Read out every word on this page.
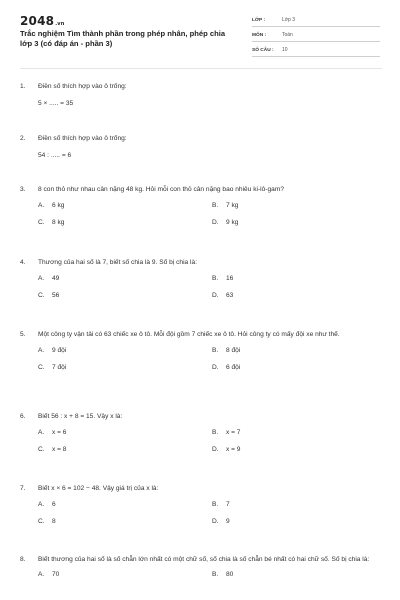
2048.vn
Trắc nghiệm Tìm thành phần trong phép nhân, phép chia lớp 3 (có đáp án - phần 3)
LỚP :	Lớp 3
MÔN :	Toán
SỐ CÂU :	10
1.	Điền số thích hợp vào ô trống:
5 × ..... = 35
2.	Điền số thích hợp vào ô trống:
54 : ..... = 6
3.	8 con thỏ như nhau cân nặng 48 kg. Hỏi mỗi con thỏ cân nặng bao nhiêu ki-lô-gam?
A.	6 kg	B.	7 kg
C.	8 kg	D.	9 kg
4.	Thương của hai số là 7, biết số chia là 9. Số bị chia là:
A.	49	B.	16
C.	56	D.	63
5.	Một công ty vận tải có 63 chiếc xe ô tô. Mỗi đội gồm 7 chiếc xe ô tô. Hỏi công ty có mấy đội xe như thế.
A.	9 đội	B.	8 đội
C.	7 đội	D.	6 đội
6.	Biết 56 : x + 8 = 15. Vậy x là:
A.	x = 6	B.	x = 7
C.	x = 8	D.	x = 9
7.	Biết x × 6 = 102 − 48. Vậy giá trị của x là:
A.	6	B.	7
C.	8	D.	9
8.	Biết thương của hai số là số chẵn lớn nhất có một chữ số, số chia là số chẵn bé nhất có hai chữ số. Số bị chia là:
A.	70	B.	80
